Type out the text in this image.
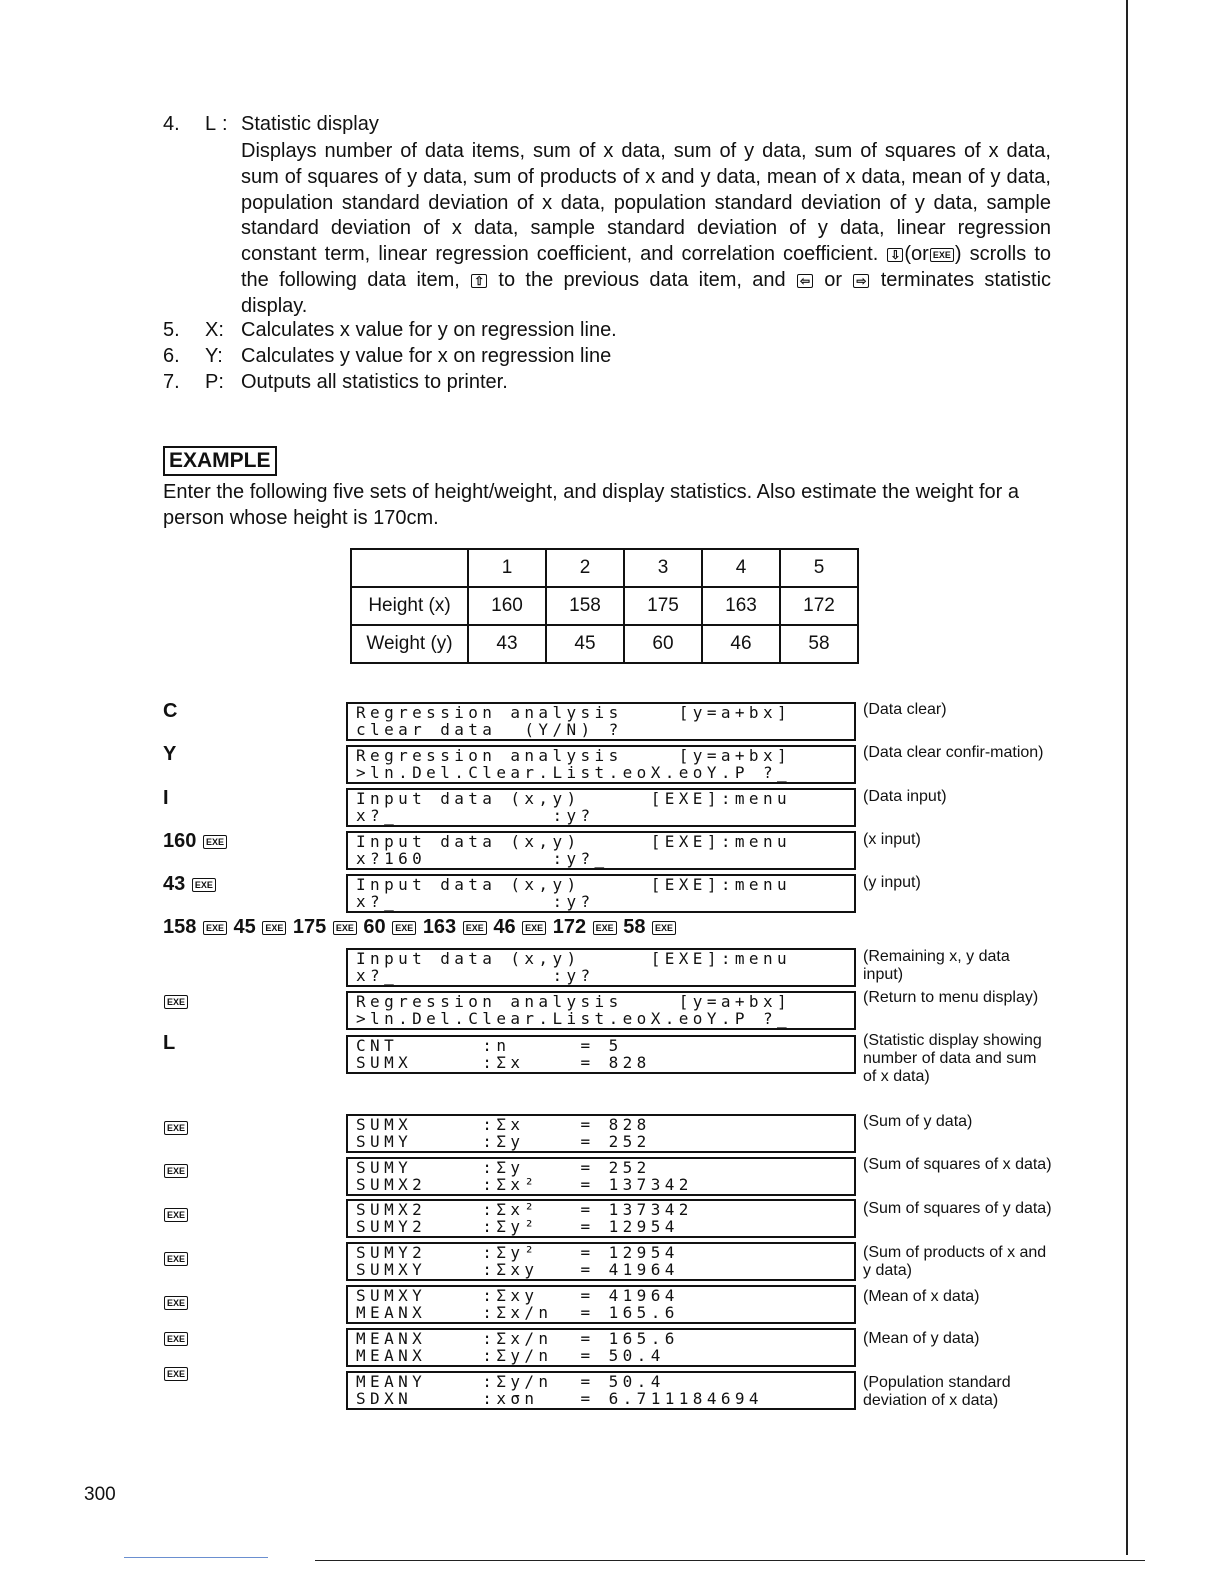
4. L : Statistic display
Displays number of data items, sum of x data, sum of y data, sum of squares of x data, sum of squares of y data, sum of products of x and y data, mean of x data, mean of y data, population standard deviation of x data, population standard deviation of y data, sample standard deviation of x data, sample standard deviation of y data, linear regression constant term, linear regression coefficient, and correlation coefficient. ⇩ (or EXE ) scrolls to the following data item, ⇧ to the previous data item, and ⇦ or ⇨ terminates statistic display.
5. X: Calculates x value for y on regression line.
6. Y: Calculates y value for x on regression line
7. P: Outputs all statistics to printer.
EXAMPLE
Enter the following five sets of height/weight, and display statistics. Also estimate the weight for a person whose height is 170cm.
	1	2	3	4	5
Height (x)	160	158	175	163	172
Weight (y)	43	45	60	46	58
C	Regression analysis    [y=a+bx]
clear data  (Y/N) ?
(Data clear)
Y	Regression analysis    [y=a+bx]
>ln.Del.Clear.List.eoX.eoY.P ?_
(Data clear confir-mation)
I	Input data (x,y)     [EXE]:menu
x?_           :y?
(Data input)
160 EXE	Input data (x,y)     [EXE]:menu
x?160         :y?_
(x input)
43 EXE	Input data (x,y)     [EXE]:menu
x?_           :y?
(y input)
158 EXE 45 EXE 175 EXE 60 EXE 163 EXE 46 EXE 172 EXE 58 EXE
Input data (x,y)     [EXE]:menu
x?_           :y?
(Remaining x, y data input)
EXE	Regression analysis    [y=a+bx]
>ln.Del.Clear.List.eoX.eoY.P ?_
(Return to menu display)
L	CNT      :n     = 5
SUMX     :Σx    = 828
(Statistic display showing number of data and sum of x data)
EXE	SUMX     :Σx    = 828
SUMY     :Σy    = 252
(Sum of y data)
EXE	SUMY     :Σy    = 252
SUMX2    :Σx²   = 137342
(Sum of squares of x data)
EXE	SUMX2    :Σx²   = 137342
SUMY2    :Σy²   = 12954
(Sum of squares of y data)
EXE	SUMY2    :Σy²   = 12954
SUMXY    :Σxy   = 41964
(Sum of products of x and y data)
EXE	SUMXY    :Σxy   = 41964
MEANX    :Σx/n  = 165.6
(Mean of x data)
EXE	MEANX    :Σx/n  = 165.6
MEANX    :Σy/n  = 50.4
(Mean of y data)
EXE	MEANY    :Σy/n  = 50.4
SDXN     :xσn   = 6.711184694
(Population standard deviation of x data)
300
